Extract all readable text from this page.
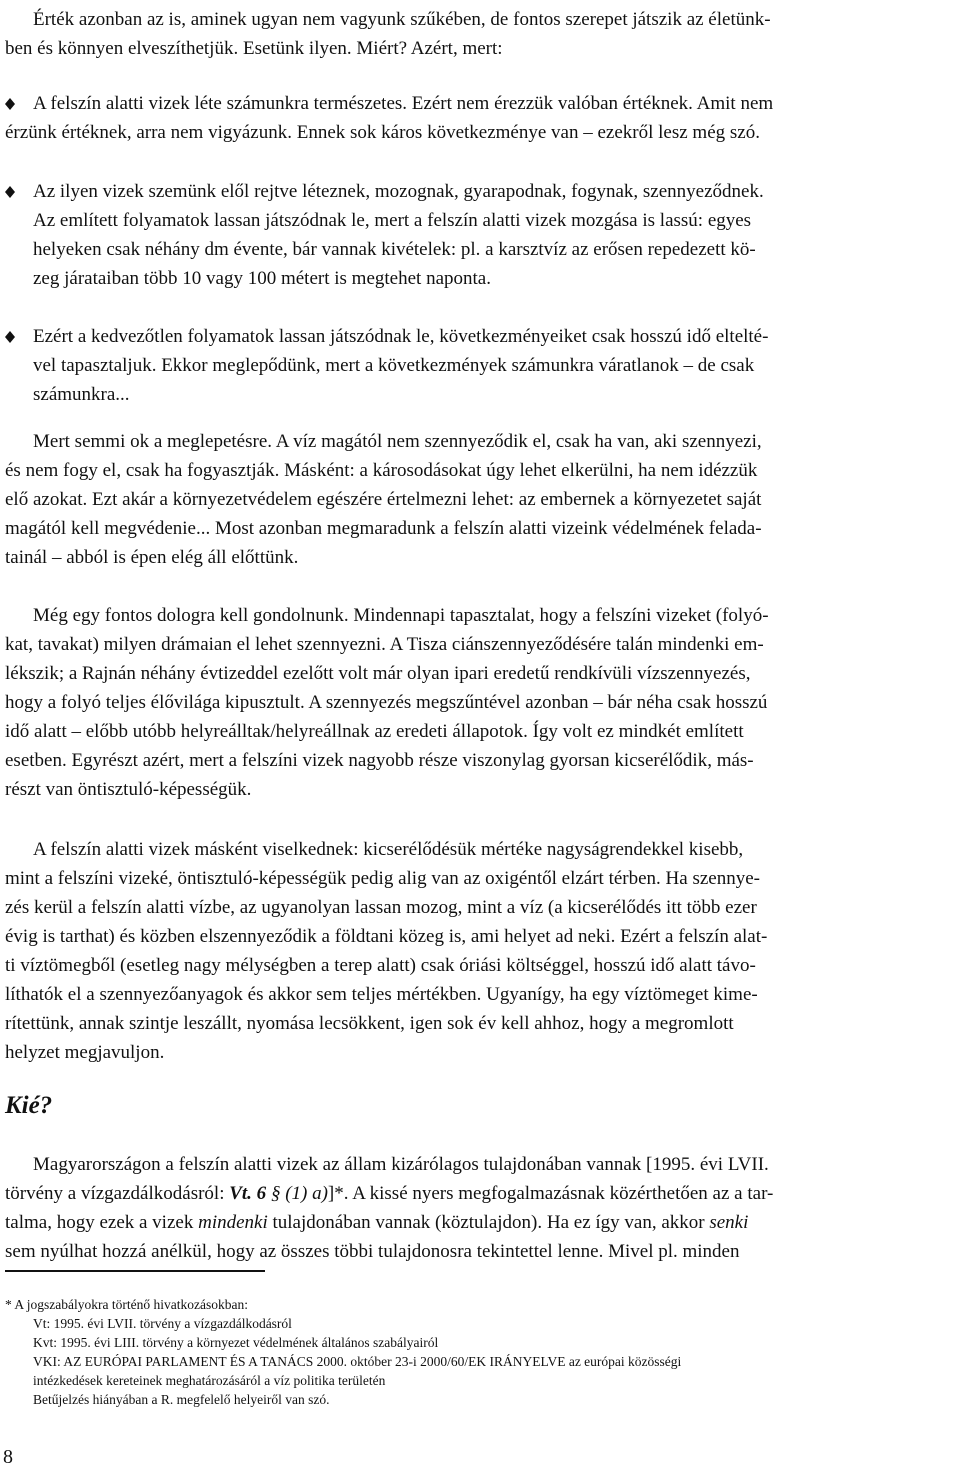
Érték azonban az is, aminek ugyan nem vagyunk szűkében, de fontos szerepet játszik az életünk-
ben és könnyen elveszíthetjük. Esetünk ilyen. Miért? Azért, mert:
A felszín alatti vizek léte számunkra természetes. Ezért nem érezzük valóban értéknek. Amit nem
érzünk értéknek, arra nem vigyázunk. Ennek sok káros következménye van – ezekről lesz még szó.
Az ilyen vizek szemünk elől rejtve léteznek, mozognak, gyarapodnak, fogynak, szennyeződnek.
Az említett folyamatok lassan játszódnak le, mert a felszín alatti vizek mozgása is lassú: egyes
helyeken csak néhány dm évente, bár vannak kivételek: pl. a karsztvíz az erősen repedezett kö-
zeg járataiban több 10 vagy 100 métert is megtehet naponta.
Ezért a kedvezőtlen folyamatok lassan játszódnak le, következményeiket csak hosszú idő eltelté-
vel tapasztaljuk. Ekkor meglepődünk, mert a következmények számunkra váratlanok – de csak
számunkra...
Mert semmi ok a meglepetésre. A víz magától nem szennyeződik el, csak ha van, aki szennyezi,
és nem fogy el, csak ha fogyasztják. Másként: a károsodásokat úgy lehet elkerülni, ha nem idézzük
elő azokat. Ezt akár a környezetvédelem egészére értelmezni lehet: az embernek a környezetet saját
magától kell megvédenie... Most azonban megmaradunk a felszín alatti vizeink védelmének felada-
tainál – abból is épen elég áll előttünk.
Még egy fontos dologra kell gondolnunk. Mindennapi tapasztalat, hogy a felszíni vizeket (folyó-
kat, tavakat) milyen drámaian el lehet szennyezni. A Tisza ciánszennyeződésére talán mindenki em-
lékszik; a Rajnán néhány évtizeddel ezelőtt volt már olyan ipari eredetű rendkívüli vízszennyezés,
hogy a folyó teljes élővilága kipusztult. A szennyezés megszűntével azonban – bár néha csak hosszú
idő alatt – előbb utóbb helyreálltak/helyreállnak az eredeti állapotok. Így volt ez mindkét említett
esetben. Egyrészt azért, mert a felszíni vizek nagyobb része viszonylag gyorsan kicserélődik, más-
részt van öntisztuló-képességük.
A felszín alatti vizek másként viselkednek: kicserélődésük mértéke nagyságrendekkel kisebb,
mint a felszíni vizeké, öntisztuló-képességük pedig alig van az oxigéntől elzárt térben. Ha szennye-
zés kerül a felszín alatti vízbe, az ugyanolyan lassan mozog, mint a víz (a kicserélődés itt több ezer
évig is tarthat) és közben elszennyeződik a földtani közeg is, ami helyet ad neki. Ezért a felszín alat-
ti víztömegből (esetleg nagy mélységben a terep alatt) csak óriási költséggel, hosszú idő alatt távo-
líthatók el a szennyezőanyagok és akkor sem teljes mértékben. Ugyanígy, ha egy víztömeget kime-
rítettünk, annak szintje leszállt, nyomása lecsökkent, igen sok év kell ahhoz, hogy a megromlott
helyzet megjavuljon.
Kié?
Magyarországon a felszín alatti vizek az állam kizárólagos tulajdonában vannak [1995. évi LVII.
törvény a vízgazdálkodásról: Vt. 6 § (1) a)]*. A kissé nyers megfogalmazásnak közérthetően az a tar-
talma, hogy ezek a vizek mindenki tulajdonában vannak (köztulajdon). Ha ez így van, akkor senki
sem nyúlhat hozzá anélkül, hogy az összes többi tulajdonosra tekintettel lenne. Mivel pl. minden
* A jogszabályokra történő hivatkozásokban:
Vt: 1995. évi LVII. törvény a vízgazdálkodásról
Kvt: 1995. évi LIII. törvény a környezet védelmének általános szabályairól
VKI: AZ EURÓPAI PARLAMENT ÉS A TANÁCS 2000. október 23-i 2000/60/EK IRÁNYELVE az európai közösségi
intézkedések kereteinek meghatározásáról a víz politika területén
Betűjelzés hiányában a R. megfelelő helyeiről van szó.
8
